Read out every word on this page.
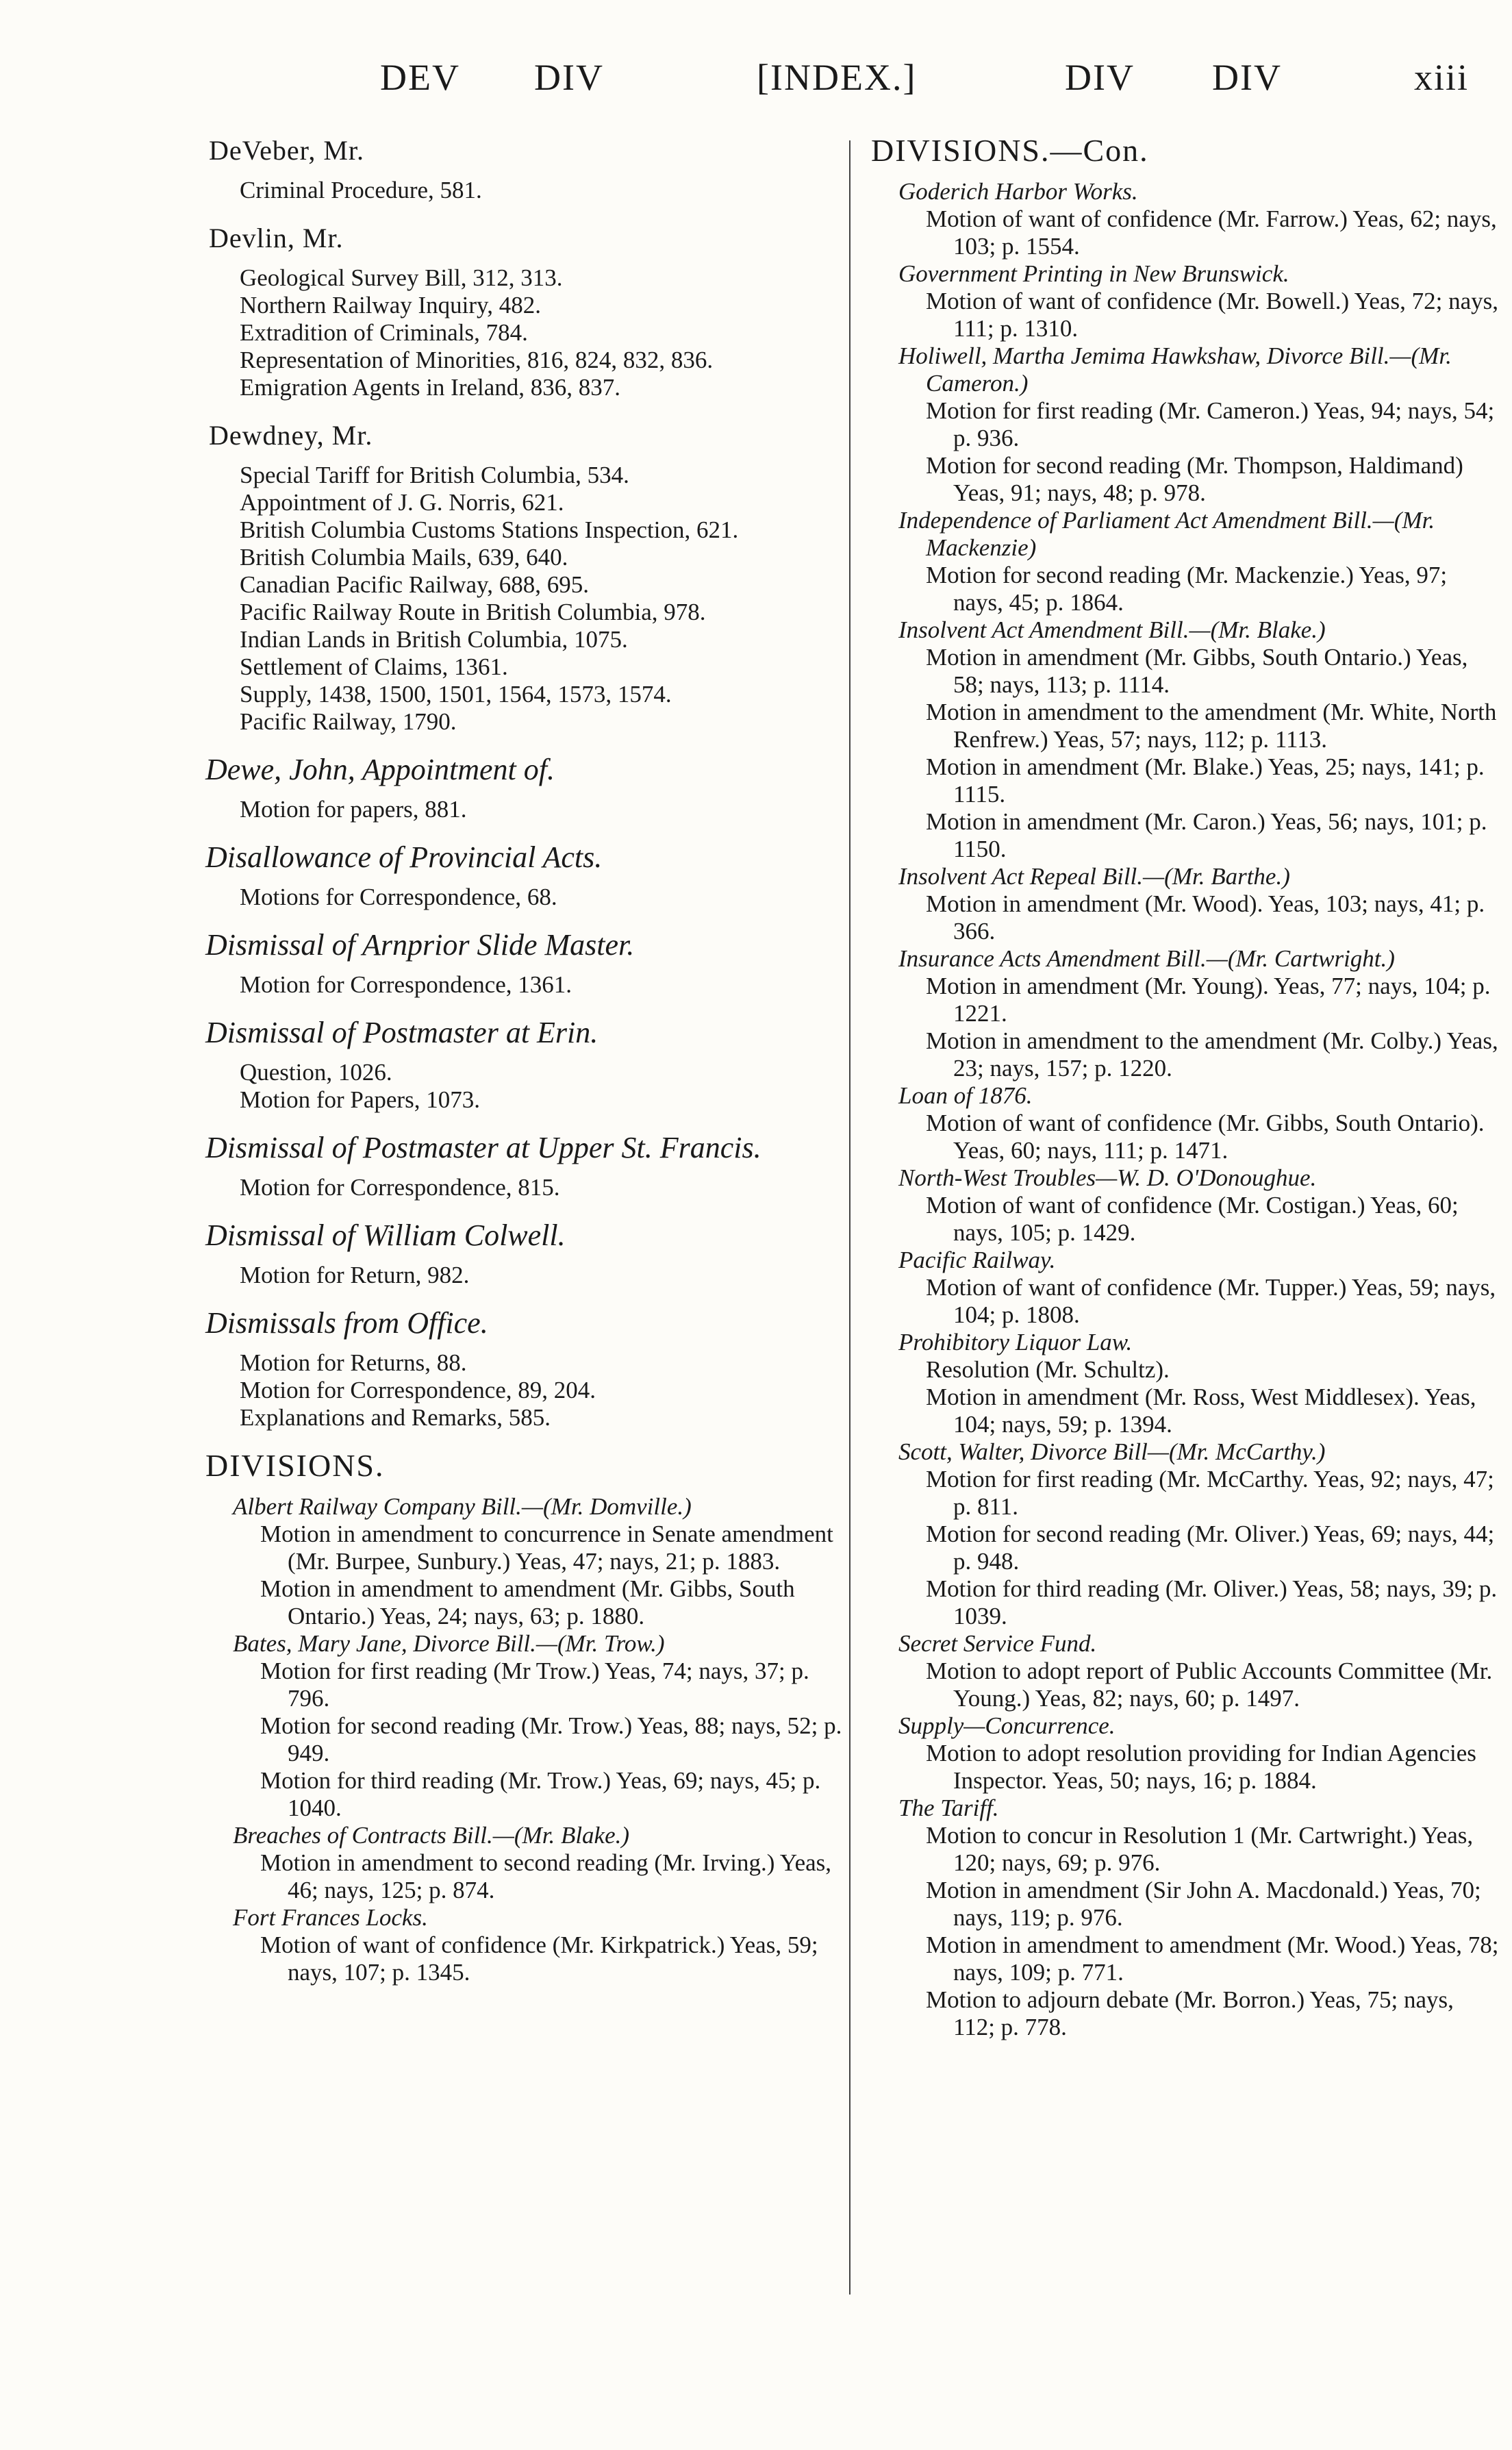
DEV DIV	[INDEX.]	DIV DIV	xiii
DeVeber, Mr.
Criminal Procedure, 581.
Devlin, Mr.
Geological Survey Bill, 312, 313.
Northern Railway Inquiry, 482.
Extradition of Criminals, 784.
Representation of Minorities, 816, 824, 832, 836.
Emigration Agents in Ireland, 836, 837.
Dewdney, Mr.
Special Tariff for British Columbia, 534.
Appointment of J. G. Norris, 621.
British Columbia Customs Stations Inspection, 621.
British Columbia Mails, 639, 640.
Canadian Pacific Railway, 688, 695.
Pacific Railway Route in British Columbia, 978.
Indian Lands in British Columbia, 1075.
Settlement of Claims, 1361.
Supply, 1438, 1500, 1501, 1564, 1573, 1574.
Pacific Railway, 1790.
Dewe, John, Appointment of.
Motion for papers, 881.
Disallowance of Provincial Acts.
Motions for Correspondence, 68.
Dismissal of Arnprior Slide Master.
Motion for Correspondence, 1361.
Dismissal of Postmaster at Erin.
Question, 1026.
Motion for Papers, 1073.
Dismissal of Postmaster at Upper St. Francis.
Motion for Correspondence, 815.
Dismissal of William Colwell.
Motion for Return, 982.
Dismissals from Office.
Motion for Returns, 88.
Motion for Correspondence, 89, 204.
Explanations and Remarks, 585.
DIVISIONS.
Albert Railway Company Bill.—(Mr. Domville.)
Motion in amendment to concurrence in Senate amendment (Mr. Burpee, Sunbury.) Yeas, 47; nays, 21; p. 1883.
Motion in amendment to amendment (Mr. Gibbs, South Ontario.) Yeas, 24; nays, 63; p. 1880.
Bates, Mary Jane, Divorce Bill.—(Mr. Trow.)
Motion for first reading (Mr Trow.) Yeas, 74; nays, 37; p. 796.
Motion for second reading (Mr. Trow.) Yeas, 88; nays, 52; p. 949.
Motion for third reading (Mr. Trow.) Yeas, 69; nays, 45; p. 1040.
Breaches of Contracts Bill.—(Mr. Blake.)
Motion in amendment to second reading (Mr. Irving.) Yeas, 46; nays, 125; p. 874.
Fort Frances Locks.
Motion of want of confidence (Mr. Kirkpatrick.) Yeas, 59; nays, 107; p. 1345.
DIVISIONS.—Con.
Goderich Harbor Works.
Motion of want of confidence (Mr. Farrow.) Yeas, 62; nays, 103; p. 1554.
Government Printing in New Brunswick.
Motion of want of confidence (Mr. Bowell.) Yeas, 72; nays, 111; p. 1310.
Holiwell, Martha Jemima Hawkshaw, Divorce Bill.—(Mr. Cameron.)
Motion for first reading (Mr. Cameron.) Yeas, 94; nays, 54; p. 936.
Motion for second reading (Mr. Thompson, Haldimand) Yeas, 91; nays, 48; p. 978.
Independence of Parliament Act Amendment Bill.—(Mr. Mackenzie)
Motion for second reading (Mr. Mackenzie.) Yeas, 97; nays, 45; p. 1864.
Insolvent Act Amendment Bill.—(Mr. Blake.)
Motion in amendment (Mr. Gibbs, South Ontario.) Yeas, 58; nays, 113; p. 1114.
Motion in amendment to the amendment (Mr. White, North Renfrew.) Yeas, 57; nays, 112; p. 1113.
Motion in amendment (Mr. Blake.) Yeas, 25; nays, 141; p. 1115.
Motion in amendment (Mr. Caron.) Yeas, 56; nays, 101; p. 1150.
Insolvent Act Repeal Bill.—(Mr. Barthe.)
Motion in amendment (Mr. Wood). Yeas, 103; nays, 41; p. 366.
Insurance Acts Amendment Bill.—(Mr. Cartwright.)
Motion in amendment (Mr. Young). Yeas, 77; nays, 104; p. 1221.
Motion in amendment to the amendment (Mr. Colby.) Yeas, 23; nays, 157; p. 1220.
Loan of 1876.
Motion of want of confidence (Mr. Gibbs, South Ontario). Yeas, 60; nays, 111; p. 1471.
North-West Troubles—W. D. O'Donoughue.
Motion of want of confidence (Mr. Costigan.) Yeas, 60; nays, 105; p. 1429.
Pacific Railway.
Motion of want of confidence (Mr. Tupper.) Yeas, 59; nays, 104; p. 1808.
Prohibitory Liquor Law.
Resolution (Mr. Schultz).
Motion in amendment (Mr. Ross, West Middlesex). Yeas, 104; nays, 59; p. 1394.
Scott, Walter, Divorce Bill—(Mr. McCarthy.)
Motion for first reading (Mr. McCarthy. Yeas, 92; nays, 47; p. 811.
Motion for second reading (Mr. Oliver.) Yeas, 69; nays, 44; p. 948.
Motion for third reading (Mr. Oliver.) Yeas, 58; nays, 39; p. 1039.
Secret Service Fund.
Motion to adopt report of Public Accounts Committee (Mr. Young.) Yeas, 82; nays, 60; p. 1497.
Supply—Concurrence.
Motion to adopt resolution providing for Indian Agencies Inspector. Yeas, 50; nays, 16; p. 1884.
The Tariff.
Motion to concur in Resolution 1 (Mr. Cartwright.) Yeas, 120; nays, 69; p. 976.
Motion in amendment (Sir John A. Macdonald.) Yeas, 70; nays, 119; p. 976.
Motion in amendment to amendment (Mr. Wood.) Yeas, 78; nays, 109; p. 771.
Motion to adjourn debate (Mr. Borron.) Yeas, 75; nays, 112; p. 778.
